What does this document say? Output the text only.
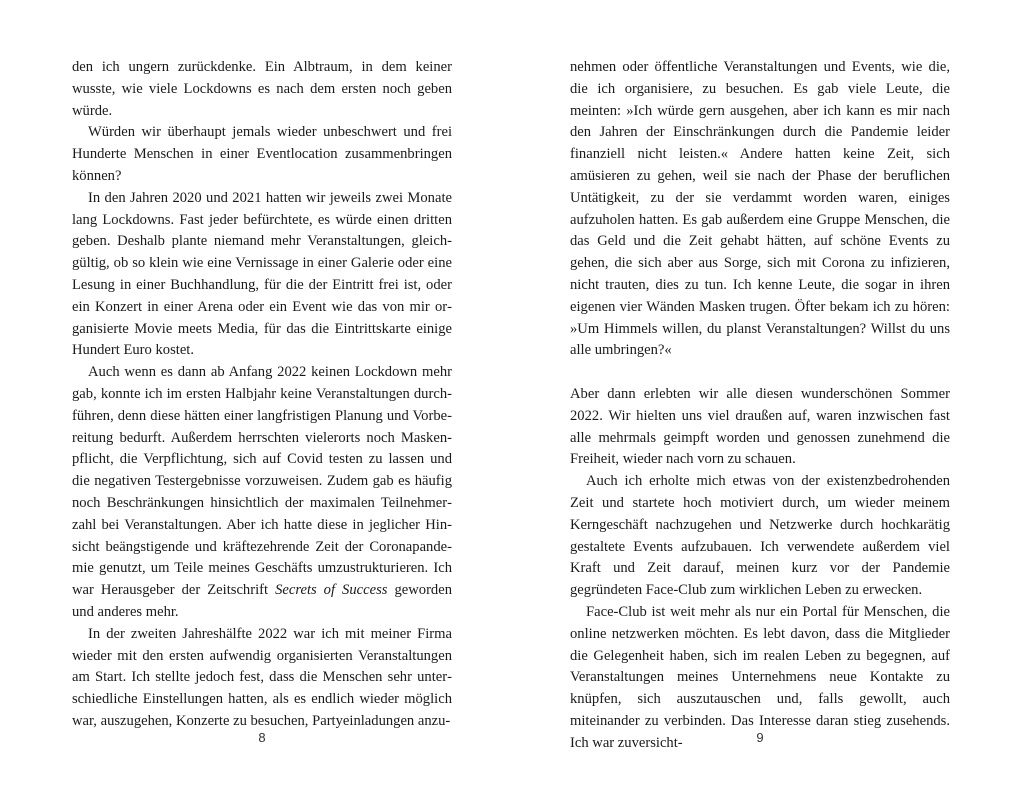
den ich ungern zurückdenke. Ein Albtraum, in dem keiner wusste, wie viele Lockdowns es nach dem ersten noch geben würde.

Würden wir überhaupt jemals wieder unbeschwert und frei Hunderte Menschen in einer Eventlocation zusammenbringen können?

In den Jahren 2020 und 2021 hatten wir jeweils zwei Monate lang Lockdowns. Fast jeder befürchtete, es würde einen dritten geben. Deshalb plante niemand mehr Veranstaltungen, gleichgültig, ob so klein wie eine Vernissage in einer Galerie oder eine Lesung in einer Buchhandlung, für die der Eintritt frei ist, oder ein Konzert in einer Arena oder ein Event wie das von mir organisierte Movie meets Media, für das die Eintrittskarte einige Hundert Euro kostet.

Auch wenn es dann ab Anfang 2022 keinen Lockdown mehr gab, konnte ich im ersten Halbjahr keine Veranstaltungen durchführen, denn diese hätten einer langfristigen Planung und Vorbereitung bedurft. Außerdem herrschten vielerorts noch Maskenpflicht, die Verpflichtung, sich auf Covid testen zu lassen und die negativen Testergebnisse vorzuweisen. Zudem gab es häufig noch Beschränkungen hinsichtlich der maximalen Teilnehmerzahl bei Veranstaltungen. Aber ich hatte diese in jeglicher Hinsicht beängstigende und kräftezehrende Zeit der Coronapandemie genutzt, um Teile meines Geschäfts umzustrukturieren. Ich war Herausgeber der Zeitschrift Secrets of Success geworden und anderes mehr.

In der zweiten Jahreshälfte 2022 war ich mit meiner Firma wieder mit den ersten aufwendig organisierten Veranstaltungen am Start. Ich stellte jedoch fest, dass die Menschen sehr unterschiedliche Einstellungen hatten, als es endlich wieder möglich war, auszugehen, Konzerte zu besuchen, Partyeinladungen anzu-

nehmen oder öffentliche Veranstaltungen und Events, wie die, die ich organisiere, zu besuchen. Es gab viele Leute, die meinten: »Ich würde gern ausgehen, aber ich kann es mir nach den Jahren der Einschränkungen durch die Pandemie leider finanziell nicht leisten.« Andere hatten keine Zeit, sich amüsieren zu gehen, weil sie nach der Phase der beruflichen Untätigkeit, zu der sie verdammt worden waren, einiges aufzuholen hatten. Es gab außerdem eine Gruppe Menschen, die das Geld und die Zeit gehabt hätten, auf schöne Events zu gehen, die sich aber aus Sorge, sich mit Corona zu infizieren, nicht trauten, dies zu tun. Ich kenne Leute, die sogar in ihren eigenen vier Wänden Masken trugen. Öfter bekam ich zu hören: »Um Himmels willen, du planst Veranstaltungen? Willst du uns alle umbringen?«

Aber dann erlebten wir alle diesen wunderschönen Sommer 2022. Wir hielten uns viel draußen auf, waren inzwischen fast alle mehrmals geimpft worden und genossen zunehmend die Freiheit, wieder nach vorn zu schauen.

Auch ich erholte mich etwas von der existenzbedrohenden Zeit und startete hoch motiviert durch, um wieder meinem Kerngeschäft nachzugehen und Netzwerke durch hochkarätig gestaltete Events aufzubauen. Ich verwendete außerdem viel Kraft und Zeit darauf, meinen kurz vor der Pandemie gegründeten Face-Club zum wirklichen Leben zu erwecken.

Face-Club ist weit mehr als nur ein Portal für Menschen, die online netzwerken möchten. Es lebt davon, dass die Mitglieder die Gelegenheit haben, sich im realen Leben zu begegnen, auf Veranstaltungen meines Unternehmens neue Kontakte zu knüpfen, sich auszutauschen und, falls gewollt, auch miteinander zu verbinden. Das Interesse daran stieg zusehends. Ich war zuversicht-

8	9
